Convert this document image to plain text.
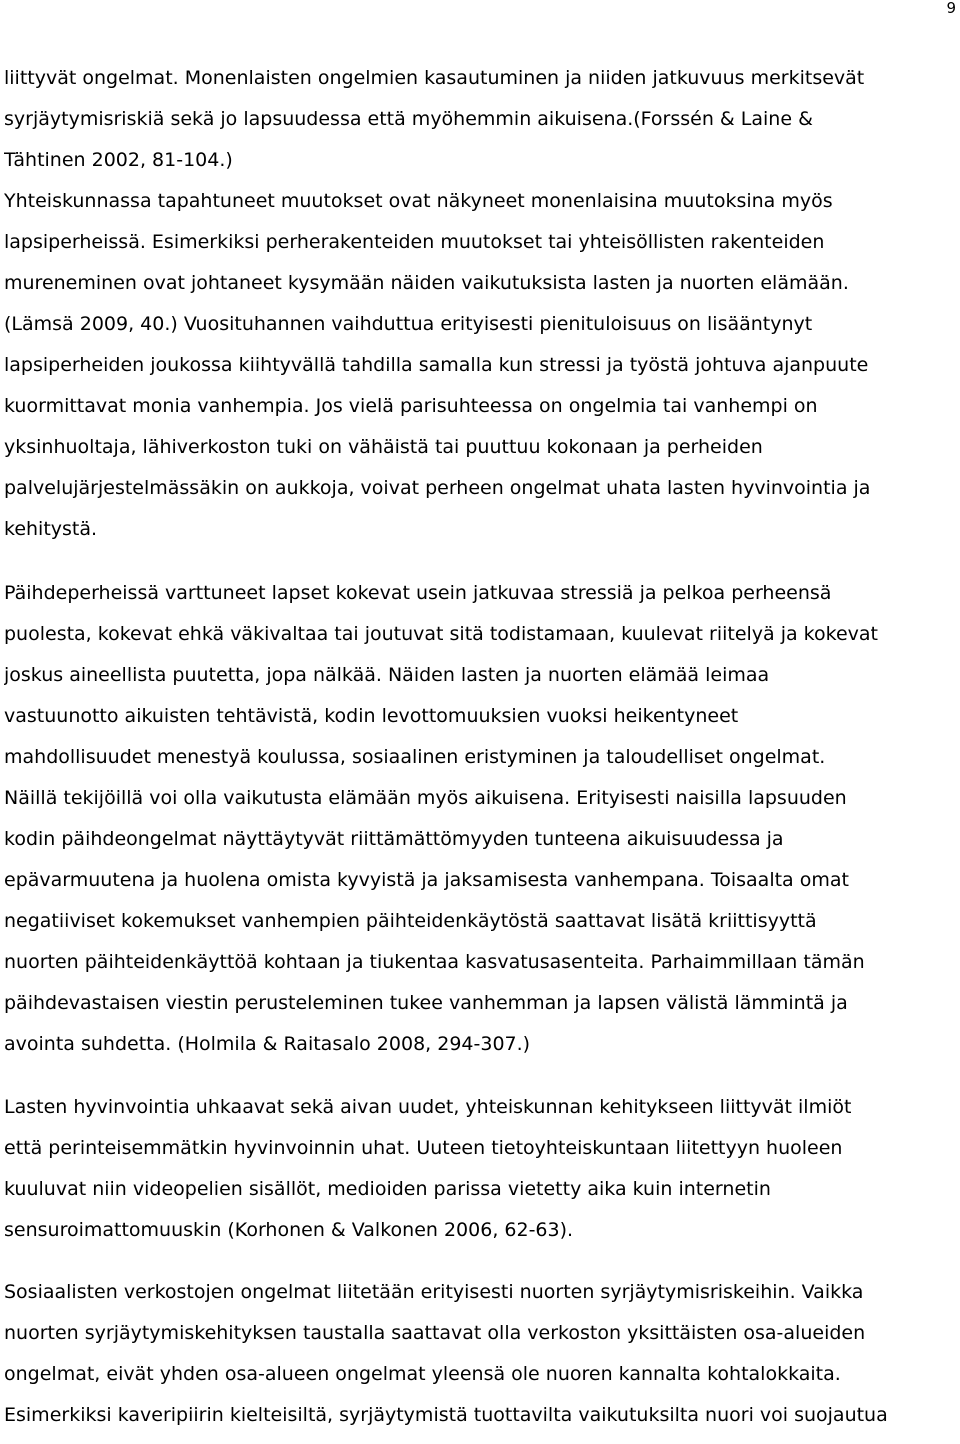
9

liittyvät ongelmat. Monenlaisten ongelmien kasautuminen ja niiden jatkuvuus merkitsevät
syrjäytymisriskiä sekä jo lapsuudessa että myöhemmin aikuisena.(Forssén & Laine &
Tähtinen 2002, 81-104.)

Yhteiskunnassa tapahtuneet muutokset ovat näkyneet monenlaisina muutoksina myös
lapsiperheissä. Esimerkiksi perherakenteiden muutokset tai yhteisöllisten rakenteiden
mureneminen ovat johtaneet kysymään näiden vaikutuksista lasten ja nuorten elämään.
(Lämsä 2009, 40.) Vuosituhannen vaihduttua erityisesti pienituloisuus on lisääntynyt
lapsiperheiden joukossa kiihtyvällä tahdilla samalla kun stressi ja työstä johtuva ajanpuute
kuormittavat monia vanhempia. Jos vielä parisuhteessa on ongelmia tai vanhempi on
yksinhuoltaja, lähiverkoston tuki on vähäistä tai puuttuu kokonaan ja perheiden
palvelujärjestelmässäkin on aukkoja, voivat perheen ongelmat uhata lasten hyvinvointia ja
kehitystä.

Päihdeperheissä varttuneet lapset kokevat usein jatkuvaa stressiä ja pelkoa perheensä
puolesta, kokevat ehkä väkivaltaa tai joutuvat sitä todistamaan, kuulevat riitelyä ja kokevat
joskus aineellista puutetta, jopa nälkää. Näiden lasten ja nuorten elämää leimaa
vastuunotto aikuisten tehtävistä, kodin levottomuuksien vuoksi heikentyneet
mahdollisuudet menestyä koulussa, sosiaalinen eristyminen ja taloudelliset ongelmat.
Näillä tekijöillä voi olla vaikutusta elämään myös aikuisena. Erityisesti naisilla lapsuuden
kodin päihdeongelmat näyttäytyvät riittämättömyyden tunteena aikuisuudessa ja
epävarmuutena ja huolena omista kyvyistä ja jaksamisesta vanhempana. Toisaalta omat
negatiiviset kokemukset vanhempien päihteidenkäytöstä saattavat lisätä kriittisyyttä
nuorten päihteidenkäyttöä kohtaan ja tiukentaa kasvatusasenteita. Parhaimmillaan tämän
päihdevastaisen viestin perusteleminen tukee vanhemman ja lapsen välistä lämmintä ja
avointa suhdetta. (Holmila & Raitasalo 2008, 294-307.)

Lasten hyvinvointia uhkaavat sekä aivan uudet, yhteiskunnan kehitykseen liittyvät ilmiöt
että perinteisemmätkin hyvinvoinnin uhat. Uuteen tietoyhteiskuntaan liitettyyn huoleen
kuuluvat niin videopelien sisällöt, medioiden parissa vietetty aika kuin internetin
sensuroimattomuuskin (Korhonen & Valkonen 2006, 62-63).

Sosiaalisten verkostojen ongelmat liitetään erityisesti nuorten syrjäytymisriskeihin. Vaikka
nuorten syrjäytymiskehityksen taustalla saattavat olla verkoston yksittäisten osa-alueiden
ongelmat, eivät yhden osa-alueen ongelmat yleensä ole nuoren kannalta kohtalokkaita.
Esimerkiksi kaveripiirin kielteisiltä, syrjäytymistä tuottavilta vaikutuksilta nuori voi suojautua
